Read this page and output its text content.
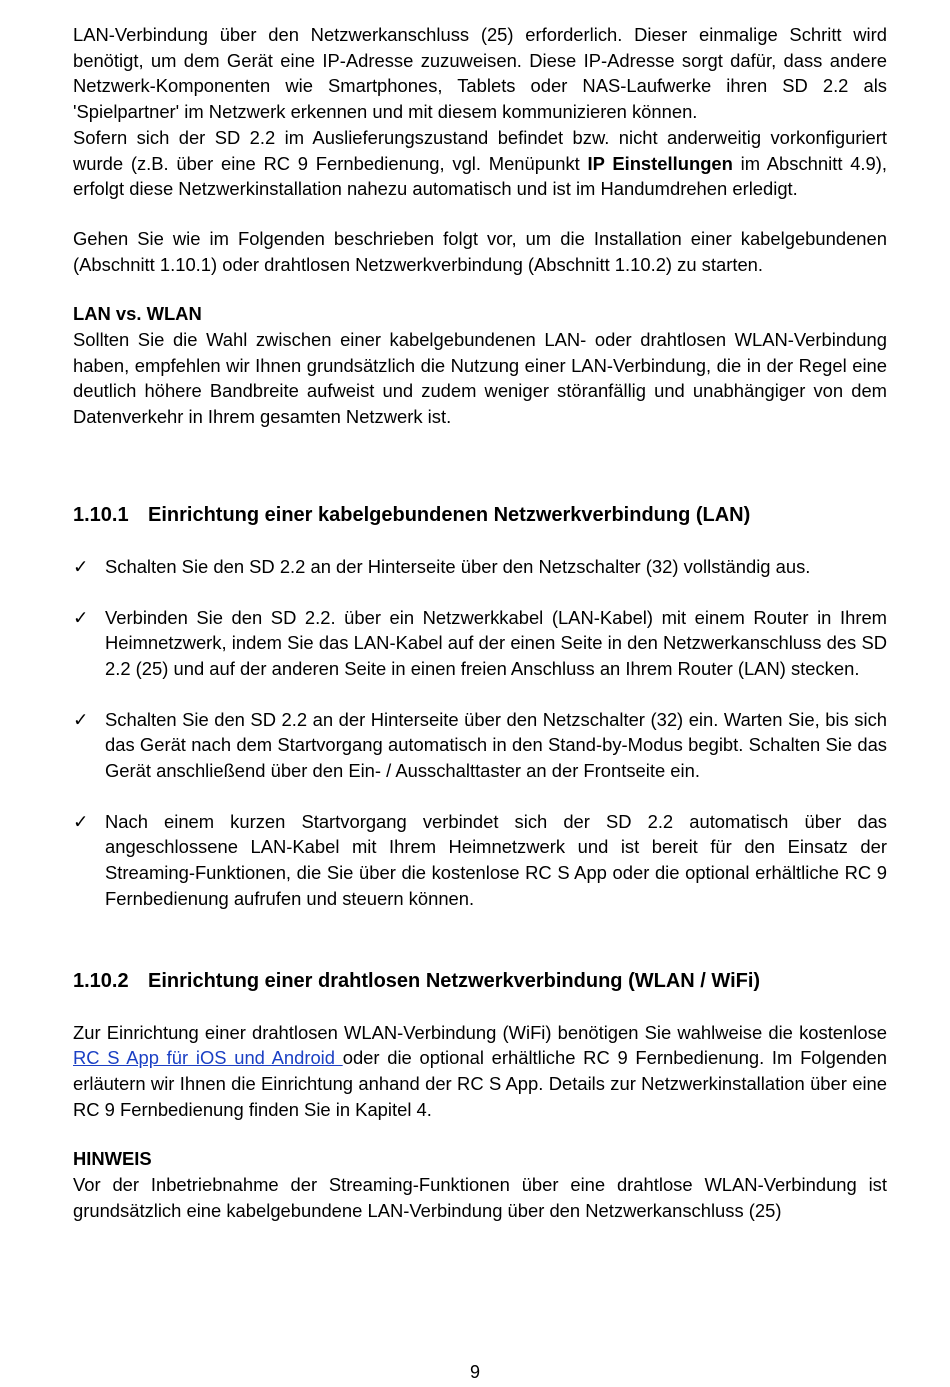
LAN-Verbindung über den Netzwerkanschluss (25) erforderlich. Dieser einmalige Schritt wird benötigt, um dem Gerät eine IP-Adresse zuzuweisen. Diese IP-Adresse sorgt dafür, dass andere Netzwerk-Komponenten wie Smartphones, Tablets oder NAS-Laufwerke ihren SD 2.2 als 'Spielpartner' im Netzwerk erkennen und mit diesem kommunizieren können.

Sofern sich der SD 2.2 im Auslieferungszustand befindet bzw. nicht anderweitig vorkonfiguriert wurde (z.B. über eine RC 9 Fernbedienung, vgl. Menüpunkt IP Einstellungen im Abschnitt 4.9), erfolgt diese Netzwerkinstallation nahezu automatisch und ist im Handumdrehen erledigt.

Gehen Sie wie im Folgenden beschrieben folgt vor, um die Installation einer kabelgebundenen (Abschnitt 1.10.1) oder drahtlosen Netzwerkverbindung (Abschnitt 1.10.2) zu starten.

LAN vs. WLAN

Sollten Sie die Wahl zwischen einer kabelgebundenen LAN- oder drahtlosen WLAN-Verbindung haben, empfehlen wir Ihnen grundsätzlich die Nutzung einer LAN-Verbindung, die in der Regel eine deutlich höhere Bandbreite aufweist und zudem weniger störanfällig und unabhängiger von dem Datenverkehr in Ihrem gesamten Netzwerk ist.

1.10.1 Einrichtung einer kabelgebundenen Netzwerkverbindung (LAN)
✓ Schalten Sie den SD 2.2 an der Hinterseite über den Netzschalter (32) vollständig aus.
✓ Verbinden Sie den SD 2.2. über ein Netzwerkkabel (LAN-Kabel) mit einem Router in Ihrem Heimnetzwerk, indem Sie das LAN-Kabel auf der einen Seite in den Netzwerkanschluss des SD 2.2 (25) und auf der anderen Seite in einen freien Anschluss an Ihrem Router (LAN) stecken.
✓ Schalten Sie den SD 2.2 an der Hinterseite über den Netzschalter (32) ein. Warten Sie, bis sich das Gerät nach dem Startvorgang automatisch in den Stand-by-Modus begibt. Schalten Sie das Gerät anschließend über den Ein- / Ausschalttaster an der Frontseite ein.
✓ Nach einem kurzen Startvorgang verbindet sich der SD 2.2 automatisch über das angeschlossene LAN-Kabel mit Ihrem Heimnetzwerk und ist bereit für den Einsatz der Streaming-Funktionen, die Sie über die kostenlose RC S App oder die optional erhältliche RC 9 Fernbedienung aufrufen und steuern können.
1.10.2 Einrichtung einer drahtlosen Netzwerkverbindung (WLAN / WiFi)

Zur Einrichtung einer drahtlosen WLAN-Verbindung (WiFi) benötigen Sie wahlweise die kostenlose RC S App für iOS und Android oder die optional erhältliche RC 9 Fernbedienung. Im Folgenden erläutern wir Ihnen die Einrichtung anhand der RC S App. Details zur Netzwerkinstallation über eine RC 9 Fernbedienung finden Sie in Kapitel 4.

HINWEIS

Vor der Inbetriebnahme der Streaming-Funktionen über eine drahtlose WLAN-Verbindung ist grundsätzlich eine kabelgebundene LAN-Verbindung über den Netzwerkanschluss (25)

9
